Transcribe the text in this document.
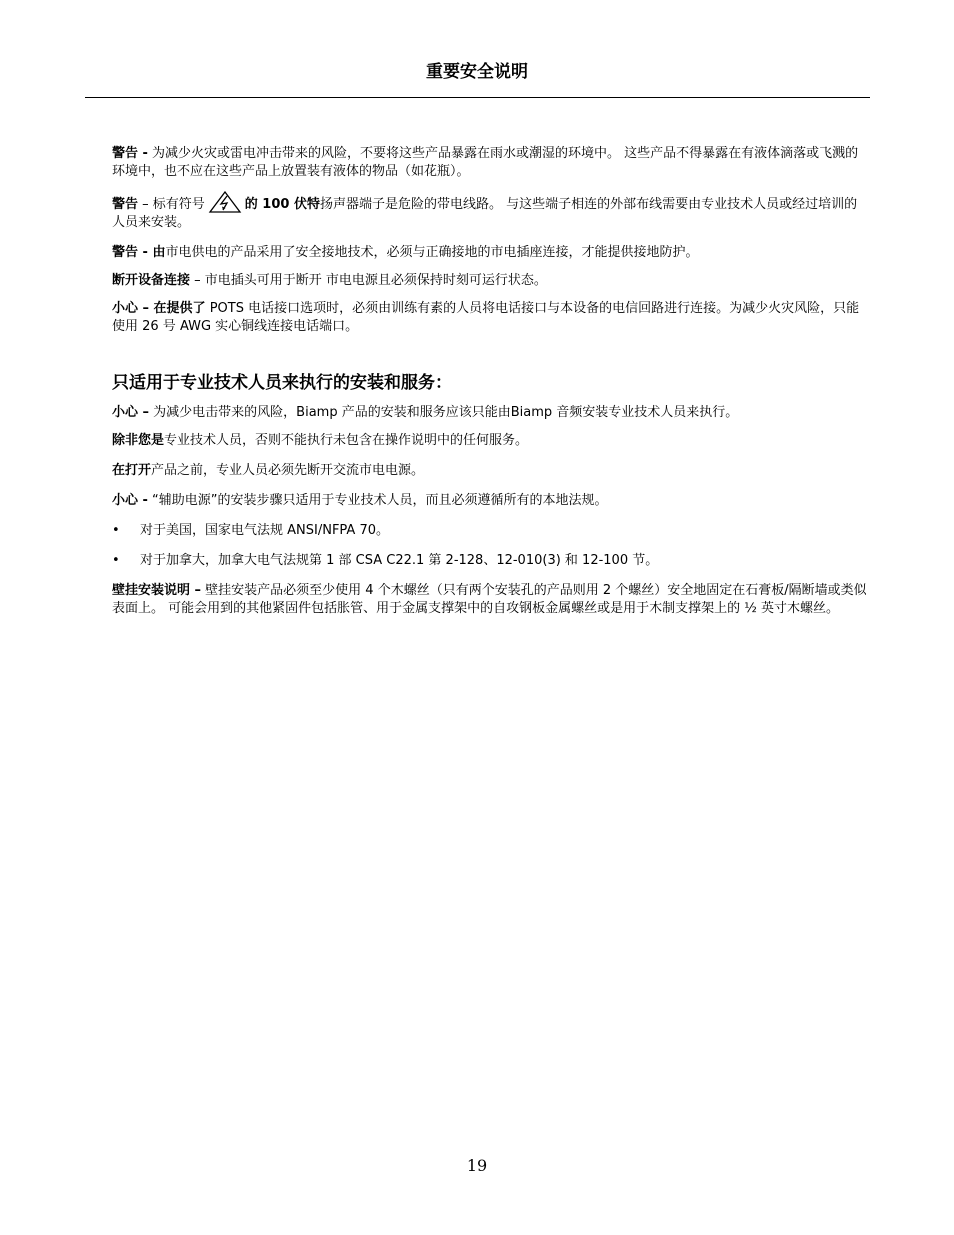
重要安全说明

警告 - 为减少火灾或雷电冲击带来的风险，不要将这些产品暴露在雨水或潮湿的环境中。 这些产品不得暴露在有液体滴落或飞溅的环境中，也不应在这些产品上放置装有液体的物品（如花瓶）。

警告 – 标有符号	的 100 伏特扬声器端子是危险的带电线路。 与这些端子相连的外部布线需要由专业技术人员或经过培训的人员来安装。

警告 - 由市电供电的产品采用了安全接地技术，必须与正确接地的市电插座连接，才能提供接地防护。

断开设备连接 – 市电插头可用于断开 市电电源且必须保持时刻可运行状态。

小心 – 在提供了 POTS 电话接口选项时，必须由训练有素的人员将电话接口与本设备的电信回路进行连接。为减少火灾风险，只能使用 26 号 AWG 实心铜线连接电话端口。

只适用于专业技术人员来执行的安装和服务：

小心 – 为减少电击带来的风险，Biamp 产品的安装和服务应该只能由Biamp 音频安装专业技术人员来执行。

除非您是专业技术人员，否则不能执行未包含在操作说明中的任何服务。

在打开产品之前，专业人员必须先断开交流市电电源。

小心 - “辅助电源”的安装步骤只适用于专业技术人员，而且必须遵循所有的本地法规。

• 对于美国，国家电气法规 ANSI/NFPA 70。
• 对于加拿大，加拿大电气法规第 1 部 CSA C22.1 第 2-128、12-010(3) 和 12-100 节。

壁挂安装说明 – 壁挂安装产品必须至少使用 4 个木螺丝（只有两个安装孔的产品则用 2 个螺丝）安全地固定在石膏板/隔断墙或类似表面上。 可能会用到的其他紧固件包括胀管、用于金属支撑架中的自攻钢板金属螺丝或是用于木制支撑架上的 ½ 英寸木螺丝。

19
